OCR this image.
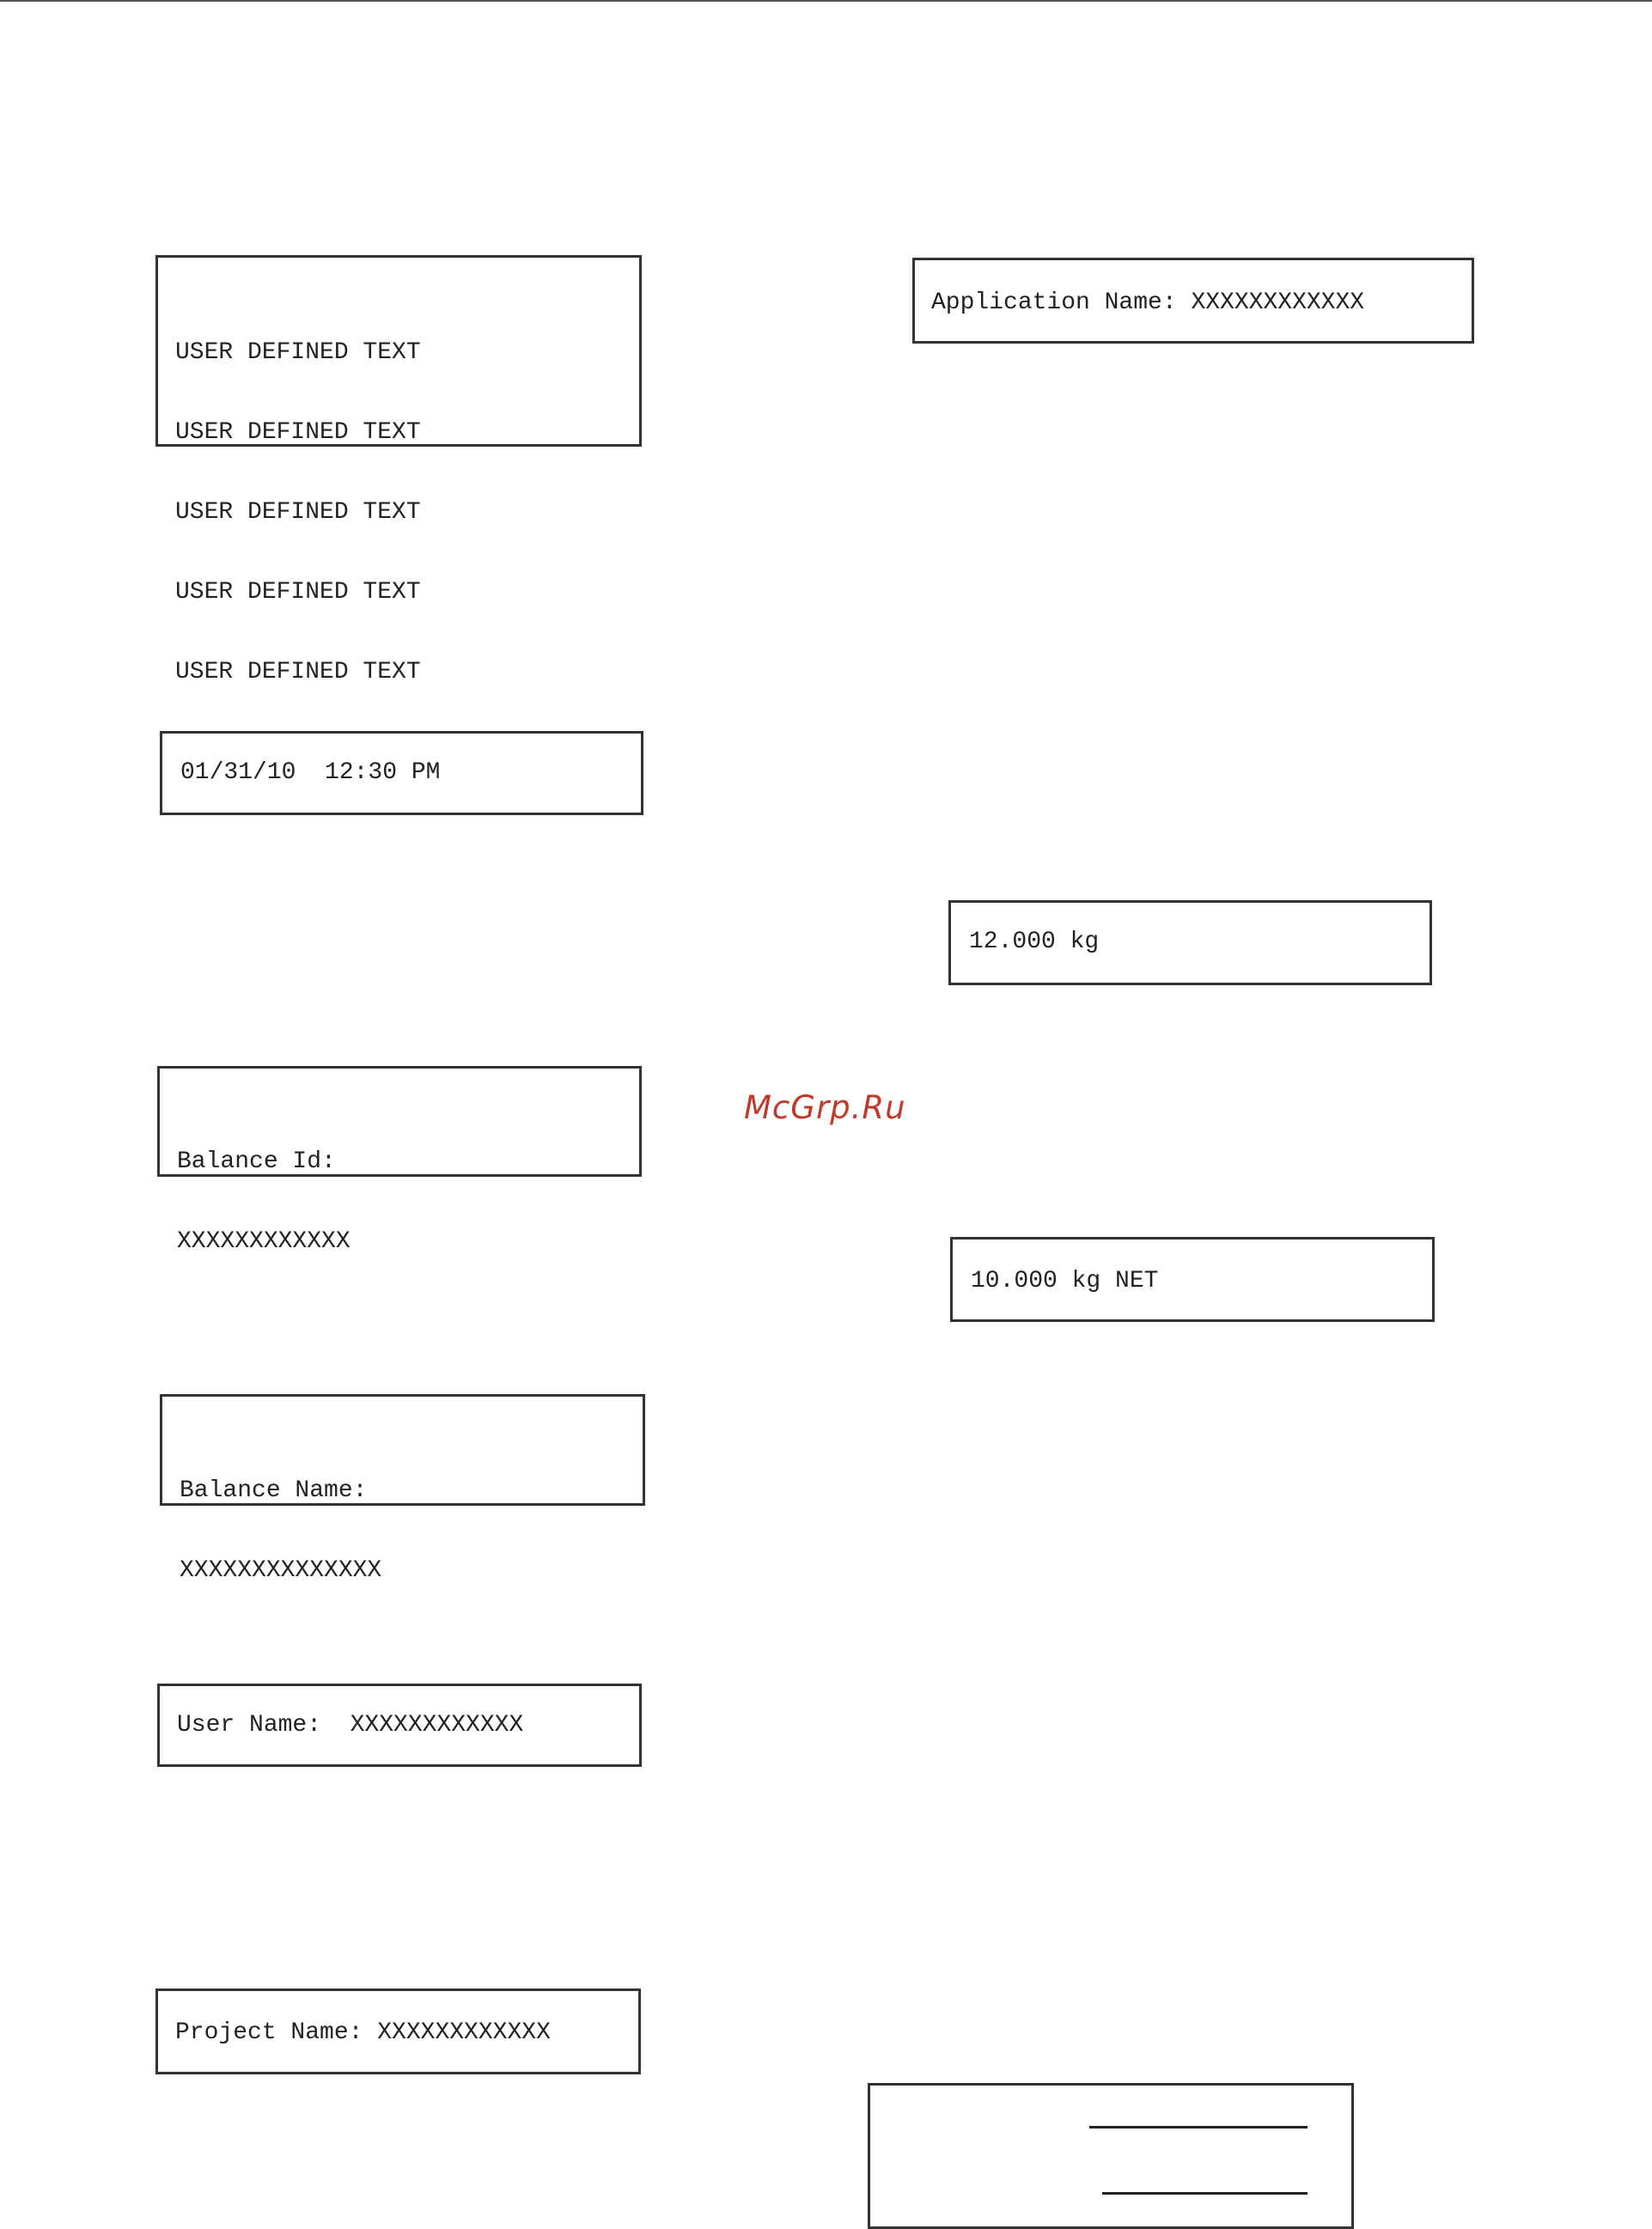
USER DEFINED TEXT

USER DEFINED TEXT

USER DEFINED TEXT

USER DEFINED TEXT

USER DEFINED TEXT

Application Name: XXXXXXXXXXXX
01/31/10  12:30 PM
12.000 kg

Balance Id:

XXXXXXXXXXXX

McGrp.Ru
10.000 kg NET

Balance Name:

XXXXXXXXXXXXXX

User Name:  XXXXXXXXXXXX
Project Name: XXXXXXXXXXXX
